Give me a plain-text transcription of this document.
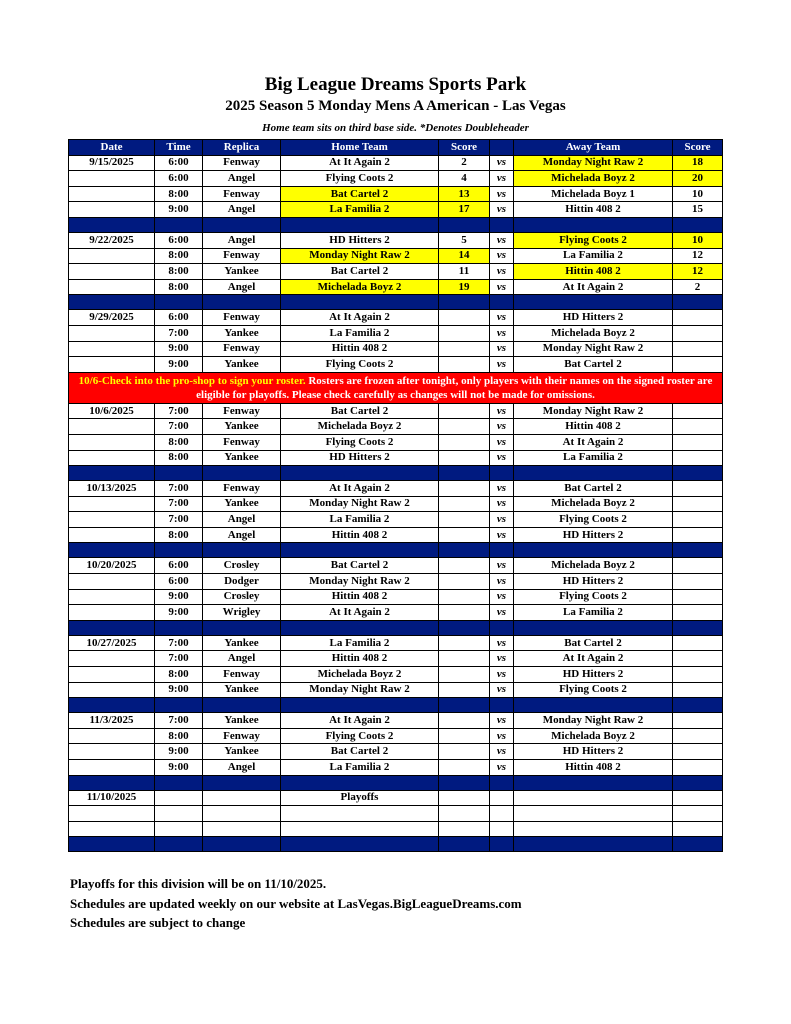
Big League Dreams Sports Park
2025 Season 5 Monday Mens A American - Las Vegas
Home team sits on third base side. *Denotes Doubleheader
Date	Time	Replica	Home Team	Score		Away Team	Score
9/15/2025	6:00	Fenway	At It Again 2	2	vs	Monday Night Raw 2	18
	6:00	Angel	Flying Coots 2	4	vs	Michelada Boyz 2	20
	8:00	Fenway	Bat Cartel 2	13	vs	Michelada Boyz 1	10
	9:00	Angel	La Familia 2	17	vs	Hittin 408 2	15

9/22/2025	6:00	Angel	HD Hitters 2	5	vs	Flying Coots 2	10
	8:00	Fenway	Monday Night Raw 2	14	vs	La Familia 2	12
	8:00	Yankee	Bat Cartel 2	11	vs	Hittin 408 2	12
	8:00	Angel	Michelada Boyz 2	19	vs	At It Again 2	2

9/29/2025	6:00	Fenway	At It Again 2		vs	HD Hitters 2	
	7:00	Yankee	La Familia 2		vs	Michelada Boyz 2	
	9:00	Fenway	Hittin 408 2		vs	Monday Night Raw 2	
	9:00	Yankee	Flying Coots 2		vs	Bat Cartel 2	
10/6-Check into the pro-shop to sign your roster. Rosters are frozen after tonight, only players with their names on the signed roster are eligible for playoffs. Please check carefully as changes will not be made for omissions.							
10/6/2025	7:00	Fenway	Bat Cartel 2		vs	Monday Night Raw 2	
	7:00	Yankee	Michelada Boyz 2		vs	Hittin 408 2	
	8:00	Fenway	Flying Coots 2		vs	At It Again 2	
	8:00	Yankee	HD Hitters 2		vs	La Familia 2	

10/13/2025	7:00	Fenway	At It Again 2		vs	Bat Cartel 2	
	7:00	Yankee	Monday Night Raw 2		vs	Michelada Boyz 2	
	7:00	Angel	La Familia 2		vs	Flying Coots 2	
	8:00	Angel	Hittin 408 2		vs	HD Hitters 2	

10/20/2025	6:00	Crosley	Bat Cartel 2		vs	Michelada Boyz 2	
	6:00	Dodger	Monday Night Raw 2		vs	HD Hitters 2	
	9:00	Crosley	Hittin 408 2		vs	Flying Coots 2	
	9:00	Wrigley	At It Again 2		vs	La Familia 2	

10/27/2025	7:00	Yankee	La Familia 2		vs	Bat Cartel 2	
	7:00	Angel	Hittin 408 2		vs	At It Again 2	
	8:00	Fenway	Michelada Boyz 2		vs	HD Hitters 2	
	9:00	Yankee	Monday Night Raw 2		vs	Flying Coots 2	

11/3/2025	7:00	Yankee	At It Again 2		vs	Monday Night Raw 2	
	8:00	Fenway	Flying Coots 2		vs	Michelada Boyz 2	
	9:00	Yankee	Bat Cartel 2		vs	HD Hitters 2	
	9:00	Angel	La Familia 2		vs	Hittin 408 2	

11/10/2025			Playoffs				

Playoffs for this division will be on 11/10/2025.
Schedules are updated weekly on our website at LasVegas.BigLeagueDreams.com
Schedules are subject to change
